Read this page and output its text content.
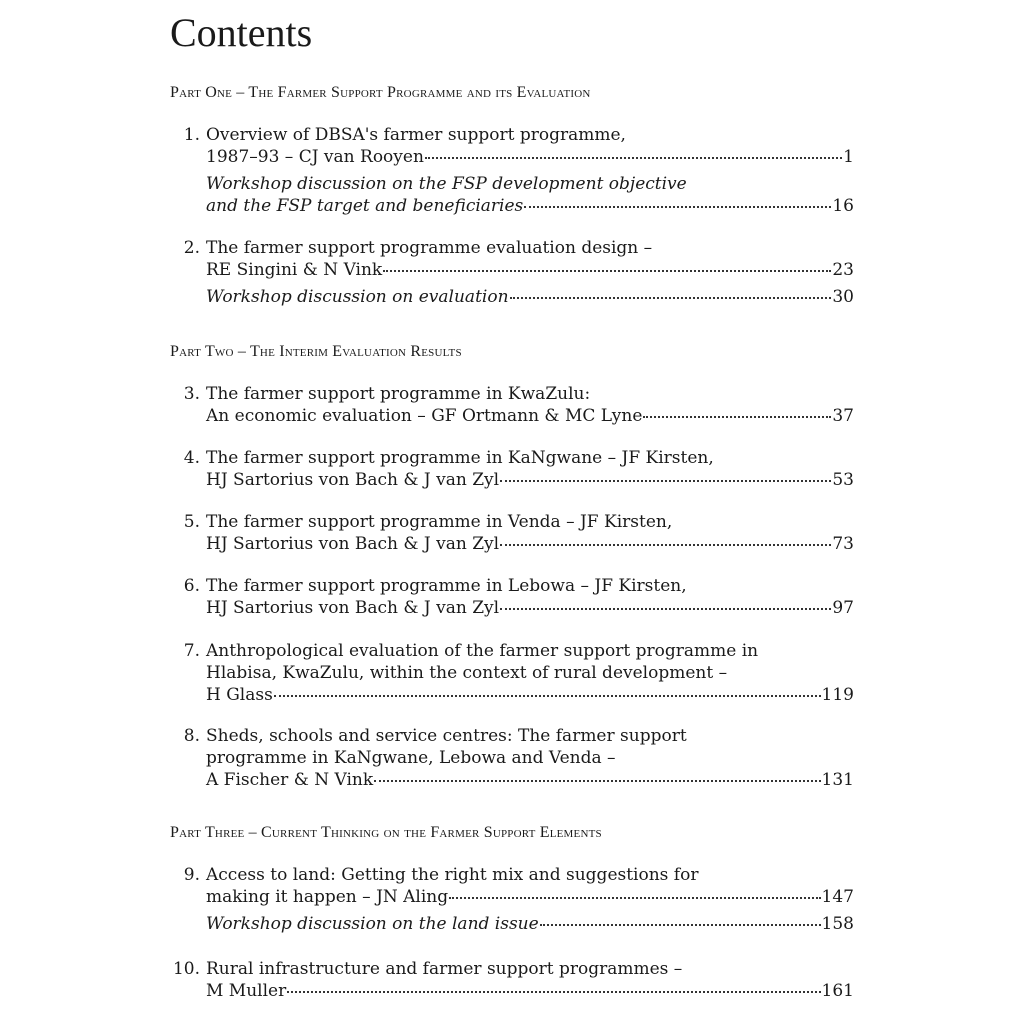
Contents
Part One – The Farmer Support Programme and its Evaluation
1. Overview of DBSA's farmer support programme,
1987–93 – CJ van Rooyen	1
Workshop discussion on the FSP development objective
and the FSP target and beneficiaries	16
2. The farmer support programme evaluation design –
RE Singini & N Vink	23
Workshop discussion on evaluation	30
Part Two – The Interim Evaluation Results
3. The farmer support programme in KwaZulu:
An economic evaluation – GF Ortmann & MC Lyne	37
4. The farmer support programme in KaNgwane – JF Kirsten,
HJ Sartorius von Bach & J van Zyl	53
5. The farmer support programme in Venda – JF Kirsten,
HJ Sartorius von Bach & J van Zyl	73
6. The farmer support programme in Lebowa – JF Kirsten,
HJ Sartorius von Bach & J van Zyl	97
7. Anthropological evaluation of the farmer support programme in
Hlabisa, KwaZulu, within the context of rural development –
H Glass	119
8. Sheds, schools and service centres: The farmer support
programme in KaNgwane, Lebowa and Venda –
A Fischer & N Vink	131
Part Three – Current Thinking on the Farmer Support Elements
9. Access to land: Getting the right mix and suggestions for
making it happen – JN Aling	147
Workshop discussion on the land issue	158
10. Rural infrastructure and farmer support programmes –
M Muller	161
